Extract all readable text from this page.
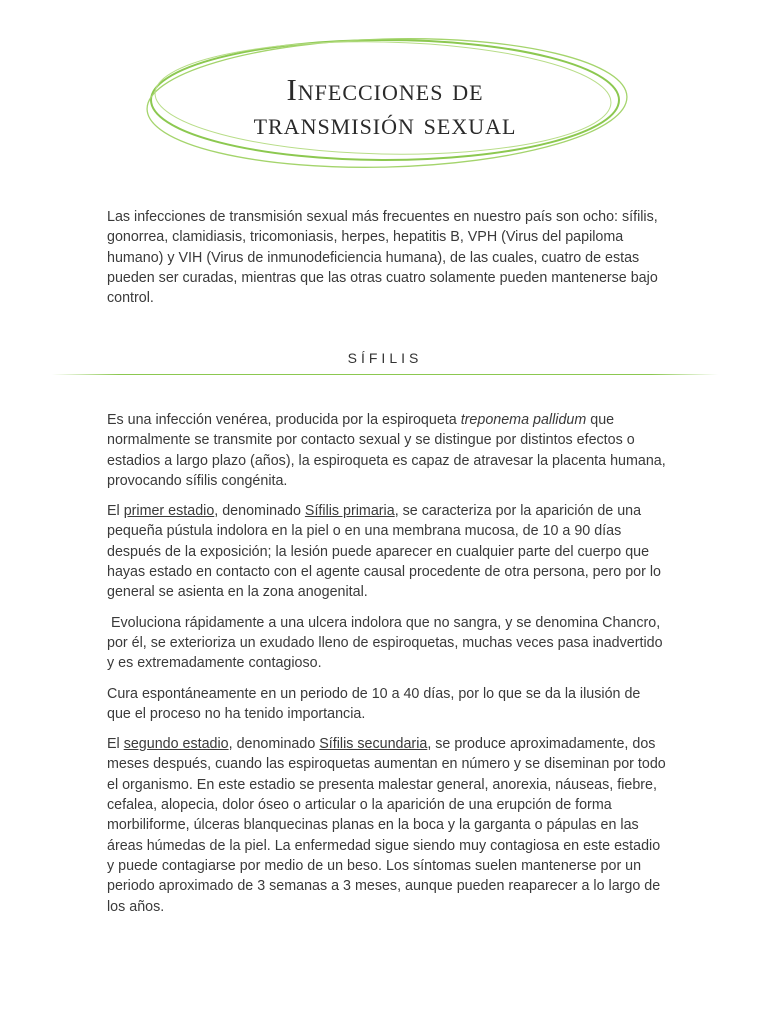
Infecciones de
transmisión sexual

Las infecciones de transmisión sexual más frecuentes en nuestro país son ocho: sífilis, gonorrea, clamidiasis, tricomoniasis, herpes, hepatitis B, VPH (Virus del papiloma humano) y VIH (Virus de inmunodeficiencia humana), de las cuales, cuatro de estas pueden ser curadas, mientras que las otras cuatro solamente pueden mantenerse bajo control.

SÍFILIS

Es una infección venérea, producida por la espiroqueta treponema pallidum que normalmente se transmite por contacto sexual y se distingue por distintos efectos o estadios a largo plazo (años), la espiroqueta es capaz de atravesar la placenta humana, provocando sífilis congénita.

El primer estadio, denominado Sífilis primaria, se caracteriza por la aparición de una pequeña pústula indolora en la piel o en una membrana mucosa, de 10 a 90 días después de la exposición; la lesión puede aparecer en cualquier parte del cuerpo que hayas estado en contacto con el agente causal procedente de otra persona, pero por lo general se asienta en la zona anogenital.

Evoluciona rápidamente a una ulcera indolora que no sangra, y se denomina Chancro, por él, se exterioriza un exudado lleno de espiroquetas, muchas veces pasa inadvertido y es extremadamente contagioso.

Cura espontáneamente en un periodo de 10 a 40 días, por lo que se da la ilusión de que el proceso no ha tenido importancia.

El segundo estadio, denominado Sífilis secundaria, se produce aproximadamente, dos meses después, cuando las espiroquetas aumentan en número y se diseminan por todo el organismo. En este estadio se presenta malestar general, anorexia, náuseas, fiebre, cefalea, alopecia, dolor óseo o articular o la aparición de una erupción de forma morbiliforme, úlceras blanquecinas planas en la boca y la garganta o pápulas en las áreas húmedas de la piel. La enfermedad sigue siendo muy contagiosa en este estadio y puede contagiarse por medio de un beso. Los síntomas suelen mantenerse por un periodo aproximado de 3 semanas a 3 meses, aunque pueden reaparecer a lo largo de los años.
